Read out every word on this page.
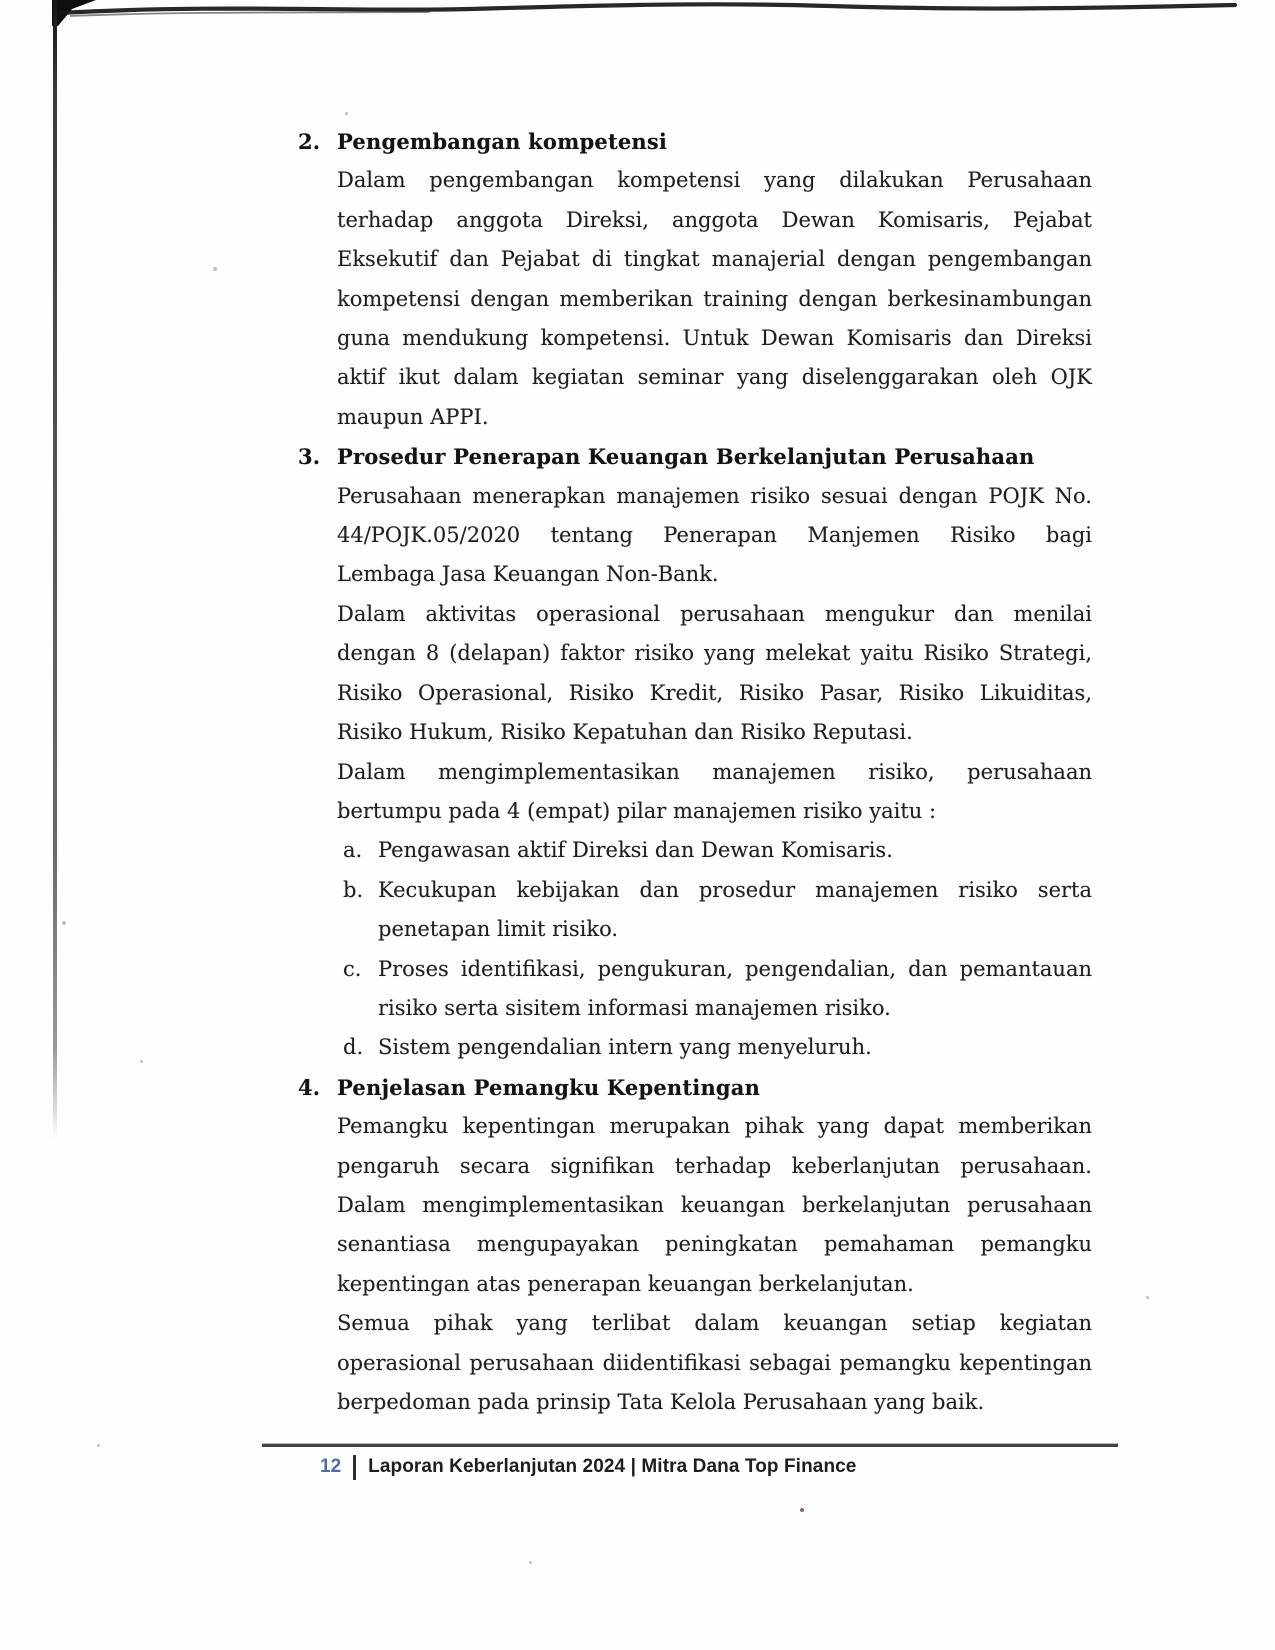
2. Pengembangan kompetensi
Dalam pengembangan kompetensi yang dilakukan Perusahaan
terhadap anggota Direksi, anggota Dewan Komisaris, Pejabat
Eksekutif dan Pejabat di tingkat manajerial dengan pengembangan
kompetensi dengan memberikan training dengan berkesinambungan
guna mendukung kompetensi. Untuk Dewan Komisaris dan Direksi
aktif ikut dalam kegiatan seminar yang diselenggarakan oleh OJK
maupun APPI.
3. Prosedur Penerapan Keuangan Berkelanjutan Perusahaan
Perusahaan menerapkan manajemen risiko sesuai dengan POJK No.
44/POJK.05/2020 tentang Penerapan Manjemen Risiko bagi
Lembaga Jasa Keuangan Non-Bank.
Dalam aktivitas operasional perusahaan mengukur dan menilai
dengan 8 (delapan) faktor risiko yang melekat yaitu Risiko Strategi,
Risiko Operasional, Risiko Kredit, Risiko Pasar, Risiko Likuiditas,
Risiko Hukum, Risiko Kepatuhan dan Risiko Reputasi.
Dalam mengimplementasikan manajemen risiko, perusahaan
bertumpu pada 4 (empat) pilar manajemen risiko yaitu :
a. Pengawasan aktif Direksi dan Dewan Komisaris.
b. Kecukupan kebijakan dan prosedur manajemen risiko serta
penetapan limit risiko.
c. Proses identifikasi, pengukuran, pengendalian, dan pemantauan
risiko serta sisitem informasi manajemen risiko.
d. Sistem pengendalian intern yang menyeluruh.
4. Penjelasan Pemangku Kepentingan
Pemangku kepentingan merupakan pihak yang dapat memberikan
pengaruh secara signifikan terhadap keberlanjutan perusahaan.
Dalam mengimplementasikan keuangan berkelanjutan perusahaan
senantiasa mengupayakan peningkatan pemahaman pemangku
kepentingan atas penerapan keuangan berkelanjutan.
Semua pihak yang terlibat dalam keuangan setiap kegiatan
operasional perusahaan diidentifikasi sebagai pemangku kepentingan
berpedoman pada prinsip Tata Kelola Perusahaan yang baik.
12 Laporan Keberlanjutan 2024 | Mitra Dana Top Finance
